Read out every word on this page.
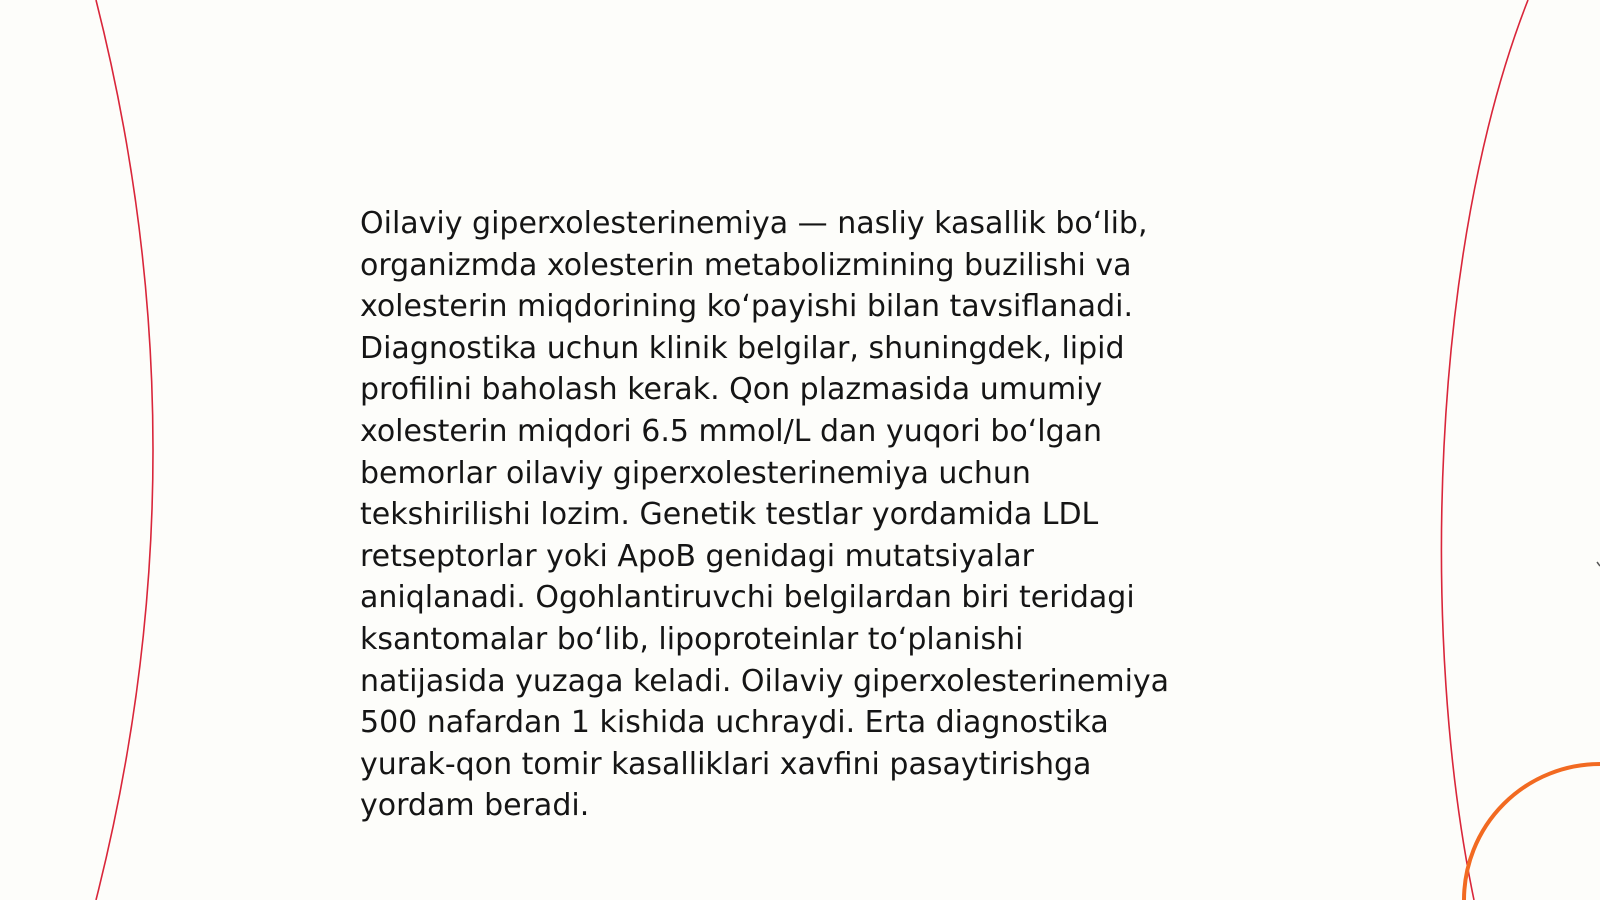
Oilaviy giperxolesterinemiya — nasliy kasallik bo‘lib,
organizmda xolesterin metabolizmining buzilishi va
xolesterin miqdorining ko‘payishi bilan tavsiflanadi.
Diagnostika uchun klinik belgilar, shuningdek, lipid
profilini baholash kerak. Qon plazmasida umumiy
xolesterin miqdori 6.5 mmol/L dan yuqori bo‘lgan
bemorlar oilaviy giperxolesterinemiya uchun
tekshirilishi lozim. Genetik testlar yordamida LDL
retseptorlar yoki ApoB genidagi mutatsiyalar
aniqlanadi. Ogohlantiruvchi belgilardan biri teridagi
ksantomalar bo‘lib, lipoproteinlar to‘planishi
natijasida yuzaga keladi. Oilaviy giperxolesterinemiya
500 nafardan 1 kishida uchraydi. Erta diagnostika
yurak-qon tomir kasalliklari xavfini pasaytirishga
yordam beradi.
